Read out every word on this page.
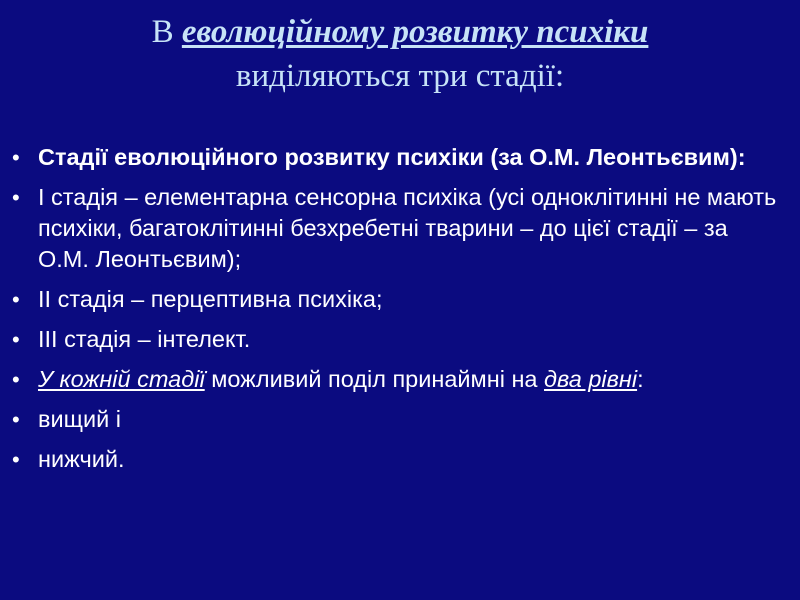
В еволюційному розвитку психіки
виділяються три стадії:
• Стадії еволюційного розвитку психіки (за О.М. Леонтьєвим):
• І стадія – елементарна сенсорна психіка (усі одноклітинні не мають психіки, багатоклітинні безхребетні тварини – до цієї стадії – за О.М. Леонтьєвим);
• ІІ стадія – перцептивна психіка;
• ІІІ стадія – інтелект.
• У кожній стадії можливий поділ принаймні на два рівні:
• вищий і
• нижчий.
